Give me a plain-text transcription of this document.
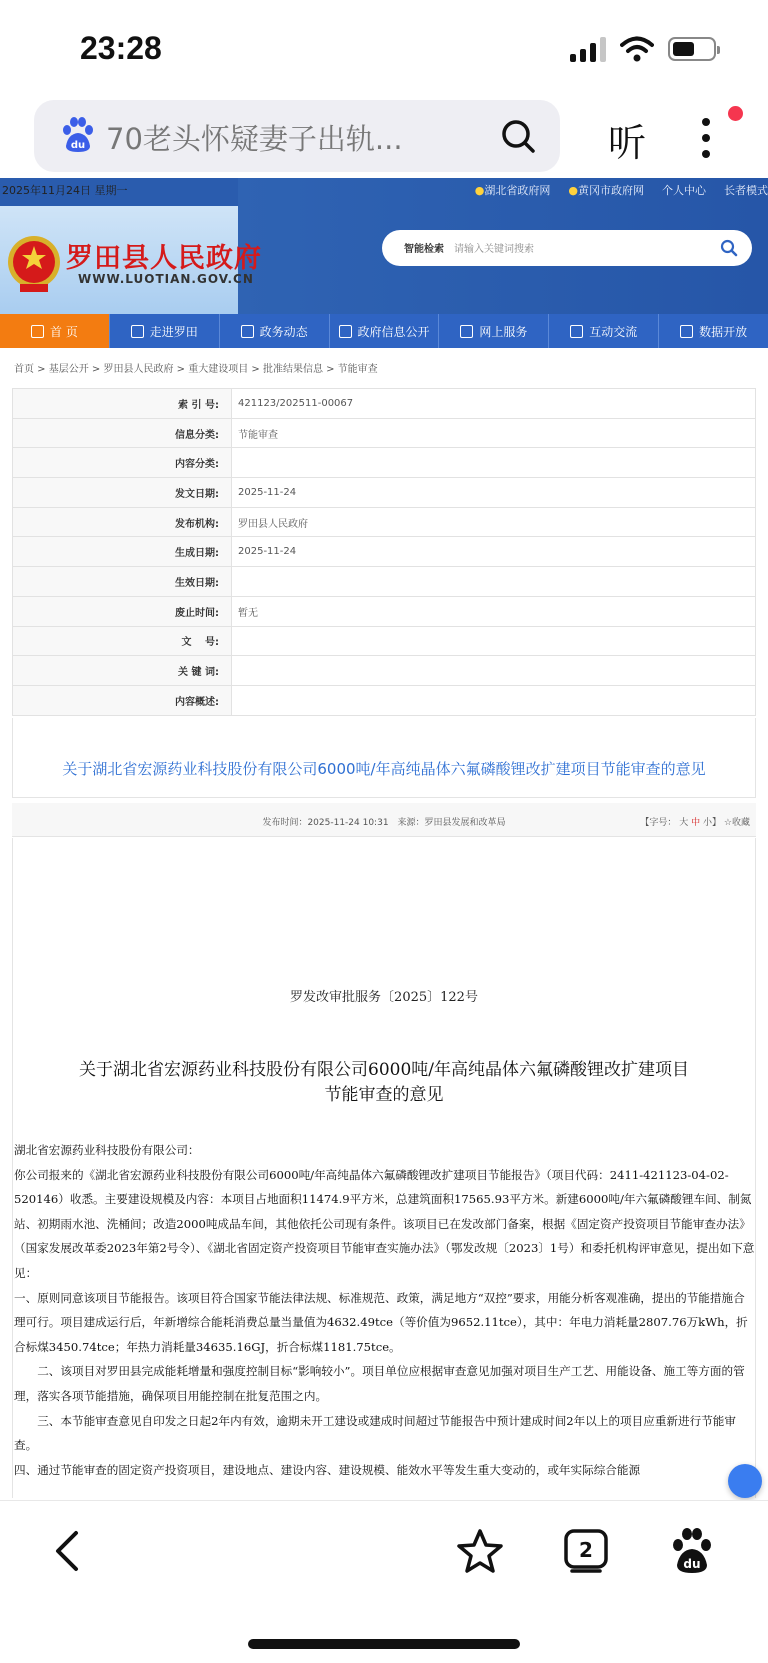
23:28
du 70老头怀疑妻子出轨...	听
2025年11月24日 星期一	●湖北省政府网 ●黄冈市政府网 个人中心 长者模式
罗田县人民政府
WWW.LUOTIAN.GOV.CN
智能检索 请输入关键词搜索
首 页	走进罗田	政务动态	政府信息公开	网上服务	互动交流	数据开放
首页 > 基层公开 > 罗田县人民政府 > 重大建设项目 > 批准结果信息 > 节能审查
索 引 号:	421123/202511-00067
信息分类:	节能审查
内容分类:	
发文日期:	2025-11-24
发布机构:	罗田县人民政府
生成日期:	2025-11-24
生效日期:	
废止时间:	暂无
文　 号:	
关 键 词:	
内容概述:	
关于湖北省宏源药业科技股份有限公司6000吨/年高纯晶体六氟磷酸锂改扩建项目节能审查的意见
发布时间：2025-11-24 10:31　来源：罗田县发展和改革局	【字号： 大 中 小】 ☆收藏
罗发改审批服务〔2025〕122号
关于湖北省宏源药业科技股份有限公司6000吨/年高纯晶体六氟磷酸锂改扩建项目
节能审查的意见

湖北省宏源药业科技股份有限公司：

你公司报来的《湖北省宏源药业科技股份有限公司6000吨/年高纯晶体六氟磷酸锂改扩建项目节能报告》（项目代码：2411-421123-04-02-520146）收悉。主要建设规模及内容：本项目占地面积11474.9平方米，总建筑面积17565.93平方米。新建6000吨/年六氟磷酸锂车间、制氮站、初期雨水池、洗桶间；改造2000吨成品车间，其他依托公司现有条件。该项目已在发改部门备案，根据《固定资产投资项目节能审查办法》（国家发展改革委2023年第2号令）、《湖北省固定资产投资项目节能审查实施办法》（鄂发改规〔2023〕1号）和委托机构评审意见，提出如下意见：

一、原则同意该项目节能报告。该项目符合国家节能法律法规、标准规范、政策，满足地方“双控”要求，用能分析客观准确，提出的节能措施合理可行。项目建成运行后，年新增综合能耗消费总量当量值为4632.49tce（等价值为9652.11tce），其中：年电力消耗量2807.76万kWh，折合标煤3450.74tce；年热力消耗量34635.16GJ，折合标煤1181.75tce。

二、该项目对罗田县完成能耗增量和强度控制目标“影响较小”。项目单位应根据审查意见加强对项目生产工艺、用能设备、施工等方面的管理，落实各项节能措施，确保项目用能控制在批复范围之内。

三、本节能审查意见自印发之日起2年内有效，逾期未开工建设或建成时间超过节能报告中预计建成时间2年以上的项目应重新进行节能审查。

四、通过节能审查的固定资产投资项目，建设地点、建设内容、建设规模、能效水平等发生重大变动的，或年实际综合能源

2
du
